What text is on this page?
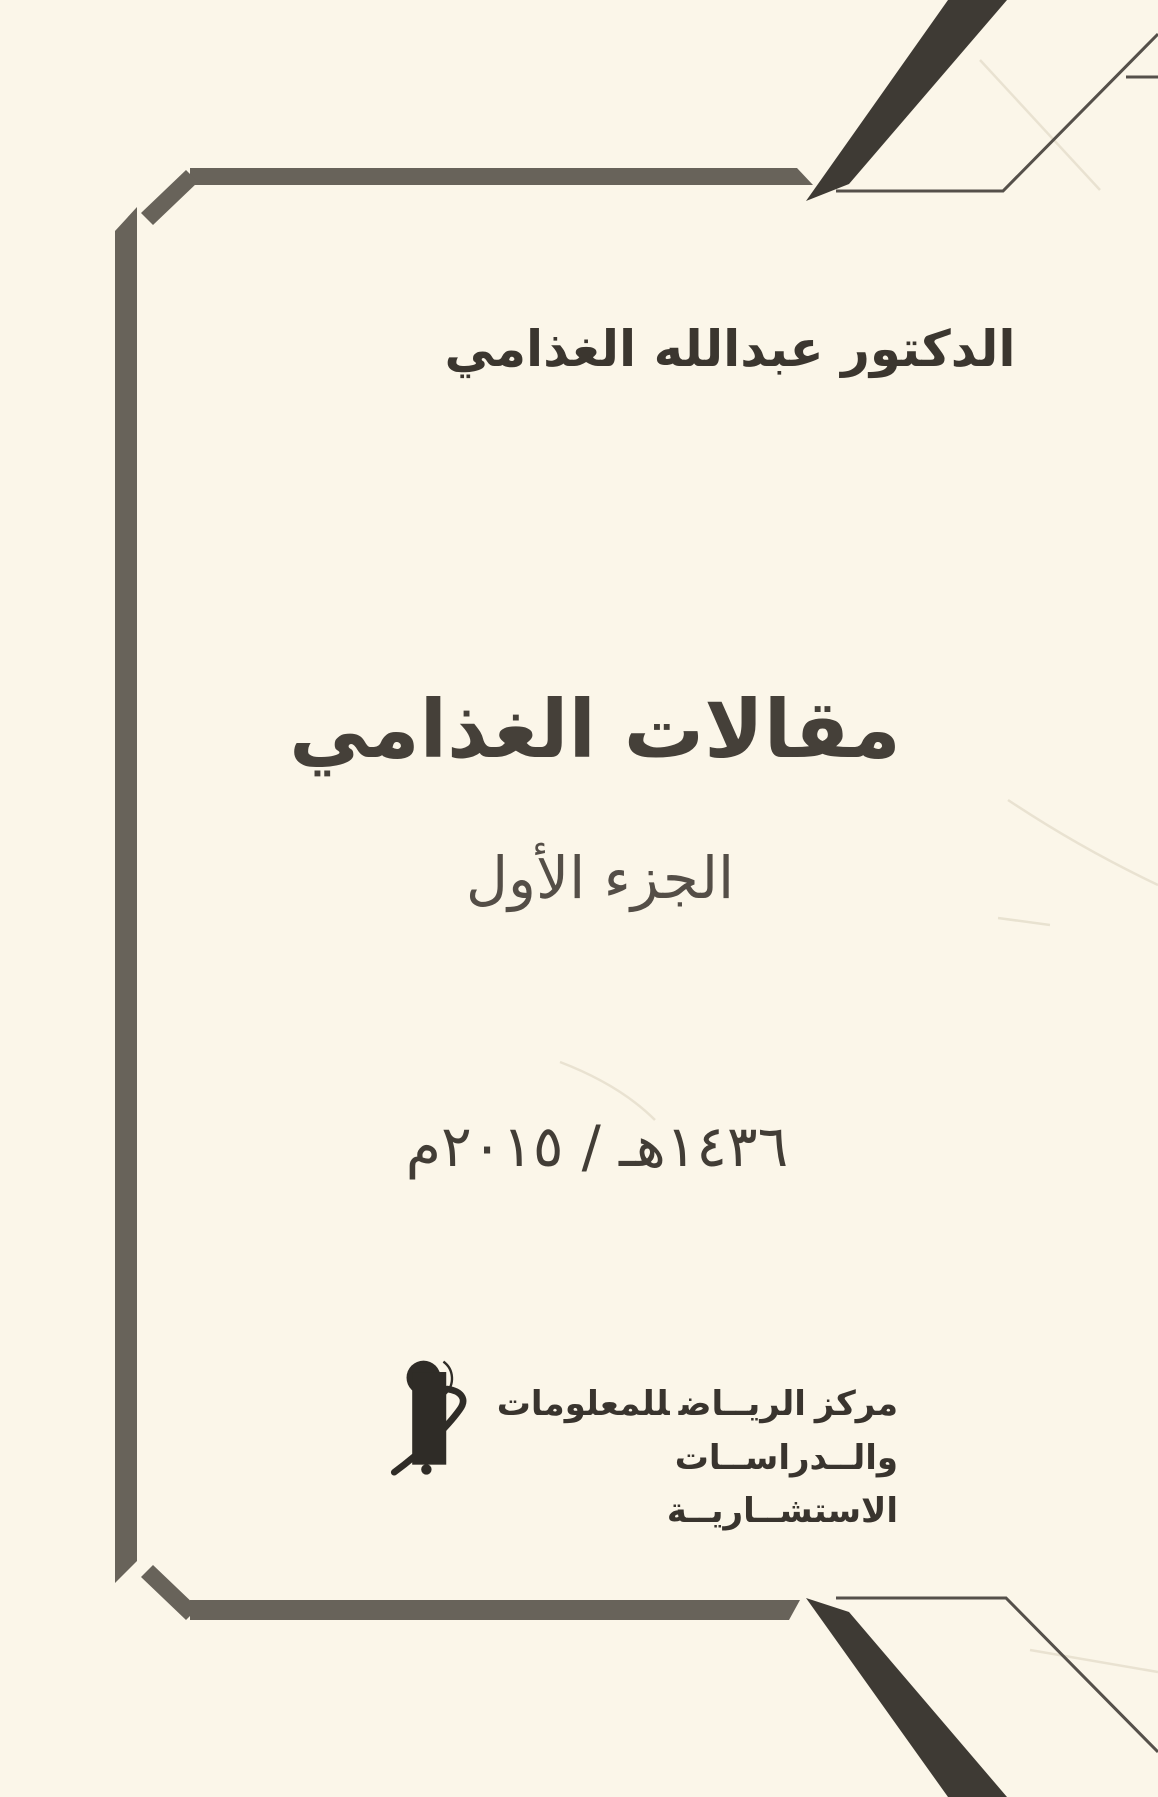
الدكتور عبدالله الغذامي
مقالات الغذامي
الجزء الأول
١٤٣٦هـ / ٢٠١٥م
مركزالريــاضللمعلومات
والــدراســات الاستشــاريــة
